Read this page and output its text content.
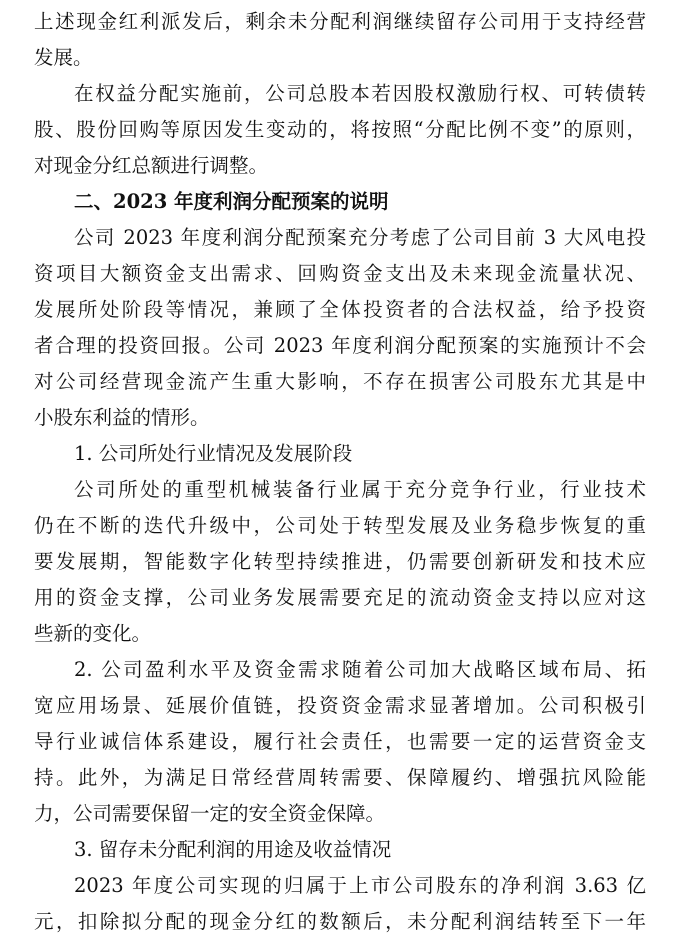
上述现金红利派发后，剩余未分配利润继续留存公司用于支持经营
发展。
在权益分配实施前，公司总股本若因股权激励行权、可转债转
股、股份回购等原因发生变动的，将按照“分配比例不变”的原则，
对现金分红总额进行调整。
二、2023 年度利润分配预案的说明
公司 2023 年度利润分配预案充分考虑了公司目前 3 大风电投
资项目大额资金支出需求、回购资金支出及未来现金流量状况、
发展所处阶段等情况，兼顾了全体投资者的合法权益，给予投资
者合理的投资回报。公司 2023 年度利润分配预案的实施预计不会
对公司经营现金流产生重大影响，不存在损害公司股东尤其是中
小股东利益的情形。
1. 公司所处行业情况及发展阶段
公司所处的重型机械装备行业属于充分竞争行业，行业技术
仍在不断的迭代升级中，公司处于转型发展及业务稳步恢复的重
要发展期，智能数字化转型持续推进，仍需要创新研发和技术应
用的资金支撑，公司业务发展需要充足的流动资金支持以应对这
些新的变化。
2. 公司盈利水平及资金需求随着公司加大战略区域布局、拓
宽应用场景、延展价值链，投资资金需求显著增加。公司积极引
导行业诚信体系建设，履行社会责任，也需要一定的运营资金支
持。此外，为满足日常经营周转需要、保障履约、增强抗风险能
力，公司需要保留一定的安全资金保障。
3. 留存未分配利润的用途及收益情况
2023 年度公司实现的归属于上市公司股东的净利润 3.63 亿
元，扣除拟分配的现金分红的数额后，未分配利润结转至下一年
